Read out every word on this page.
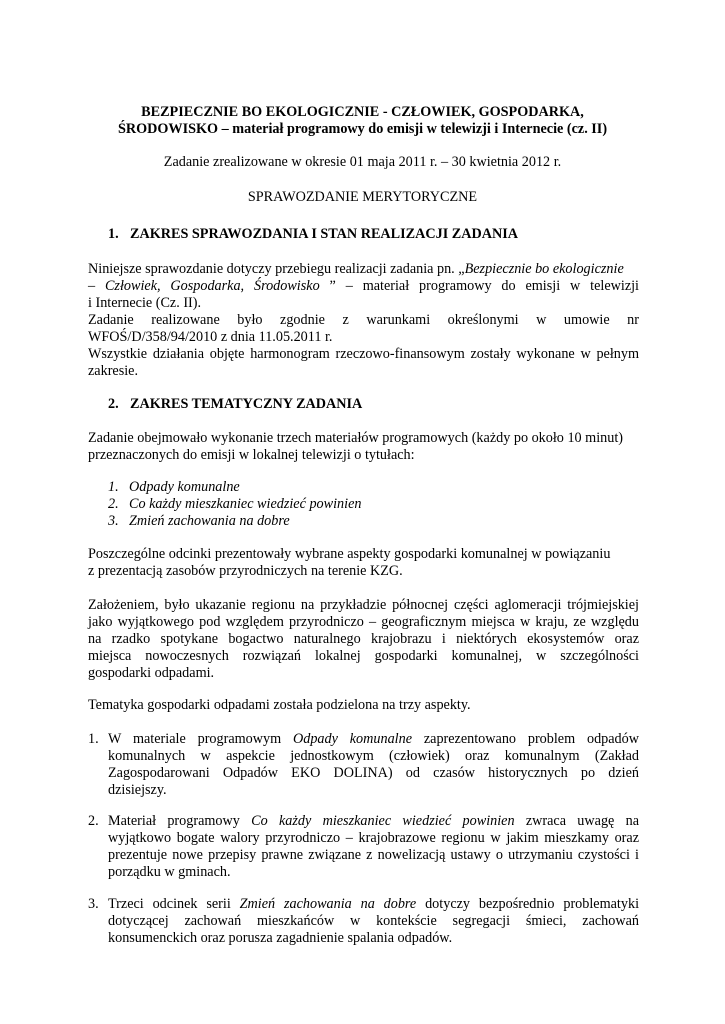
BEZPIECZNIE BO EKOLOGICZNIE - CZŁOWIEK, GOSPODARKA,
ŚRODOWISKO – materiał programowy do emisji w telewizji i Internecie (cz. II)
Zadanie zrealizowane w okresie 01 maja 2011 r. – 30 kwietnia 2012 r.
SPRAWOZDANIE MERYTORYCZNE
1. ZAKRES SPRAWOZDANIA I STAN REALIZACJI ZADANIA
Niniejsze sprawozdanie dotyczy przebiegu realizacji zadania pn. „Bezpiecznie bo ekologicznie
– Człowiek, Gospodarka, Środowisko ” – materiał programowy do emisji w telewizji
i Internecie (Cz. II).
Zadanie realizowane było zgodnie z warunkami określonymi w umowie nr
WFOŚ/D/358/94/2010 z dnia 11.05.2011 r.
Wszystkie działania objęte harmonogram rzeczowo-finansowym zostały wykonane w pełnym
zakresie.
2. ZAKRES TEMATYCZNY ZADANIA
Zadanie obejmowało wykonanie trzech materiałów programowych (każdy po około 10 minut)
przeznaczonych do emisji w lokalnej telewizji o tytułach:
1. Odpady komunalne
2. Co każdy mieszkaniec wiedzieć powinien
3. Zmień zachowania na dobre
Poszczególne odcinki prezentowały wybrane aspekty gospodarki komunalnej w powiązaniu
z prezentacją zasobów przyrodniczych na terenie KZG.
Założeniem, było ukazanie regionu na przykładzie północnej części aglomeracji trójmiejskiej
jako wyjątkowego pod względem przyrodniczo – geograficznym miejsca w kraju, ze względu
na rzadko spotykane bogactwo naturalnego krajobrazu i niektórych ekosystemów oraz
miejsca nowoczesnych rozwiązań lokalnej gospodarki komunalnej, w szczególności
gospodarki odpadami.
Tematyka gospodarki odpadami została podzielona na trzy aspekty.
1. W materiale programowym Odpady komunalne zaprezentowano problem odpadów
komunalnych w aspekcie jednostkowym (człowiek) oraz komunalnym (Zakład
Zagospodarowani Odpadów EKO DOLINA) od czasów historycznych po dzień
dzisiejszy.
2. Materiał programowy Co każdy mieszkaniec wiedzieć powinien zwraca uwagę na
wyjątkowo bogate walory przyrodniczo – krajobrazowe regionu w jakim mieszkamy oraz
prezentuje nowe przepisy prawne związane z nowelizacją ustawy o utrzymaniu czystości i
porządku w gminach.
3. Trzeci odcinek serii Zmień zachowania na dobre dotyczy bezpośrednio problematyki
dotyczącej zachowań mieszkańców w kontekście segregacji śmieci, zachowań
konsumenckich oraz porusza zagadnienie spalania odpadów.
